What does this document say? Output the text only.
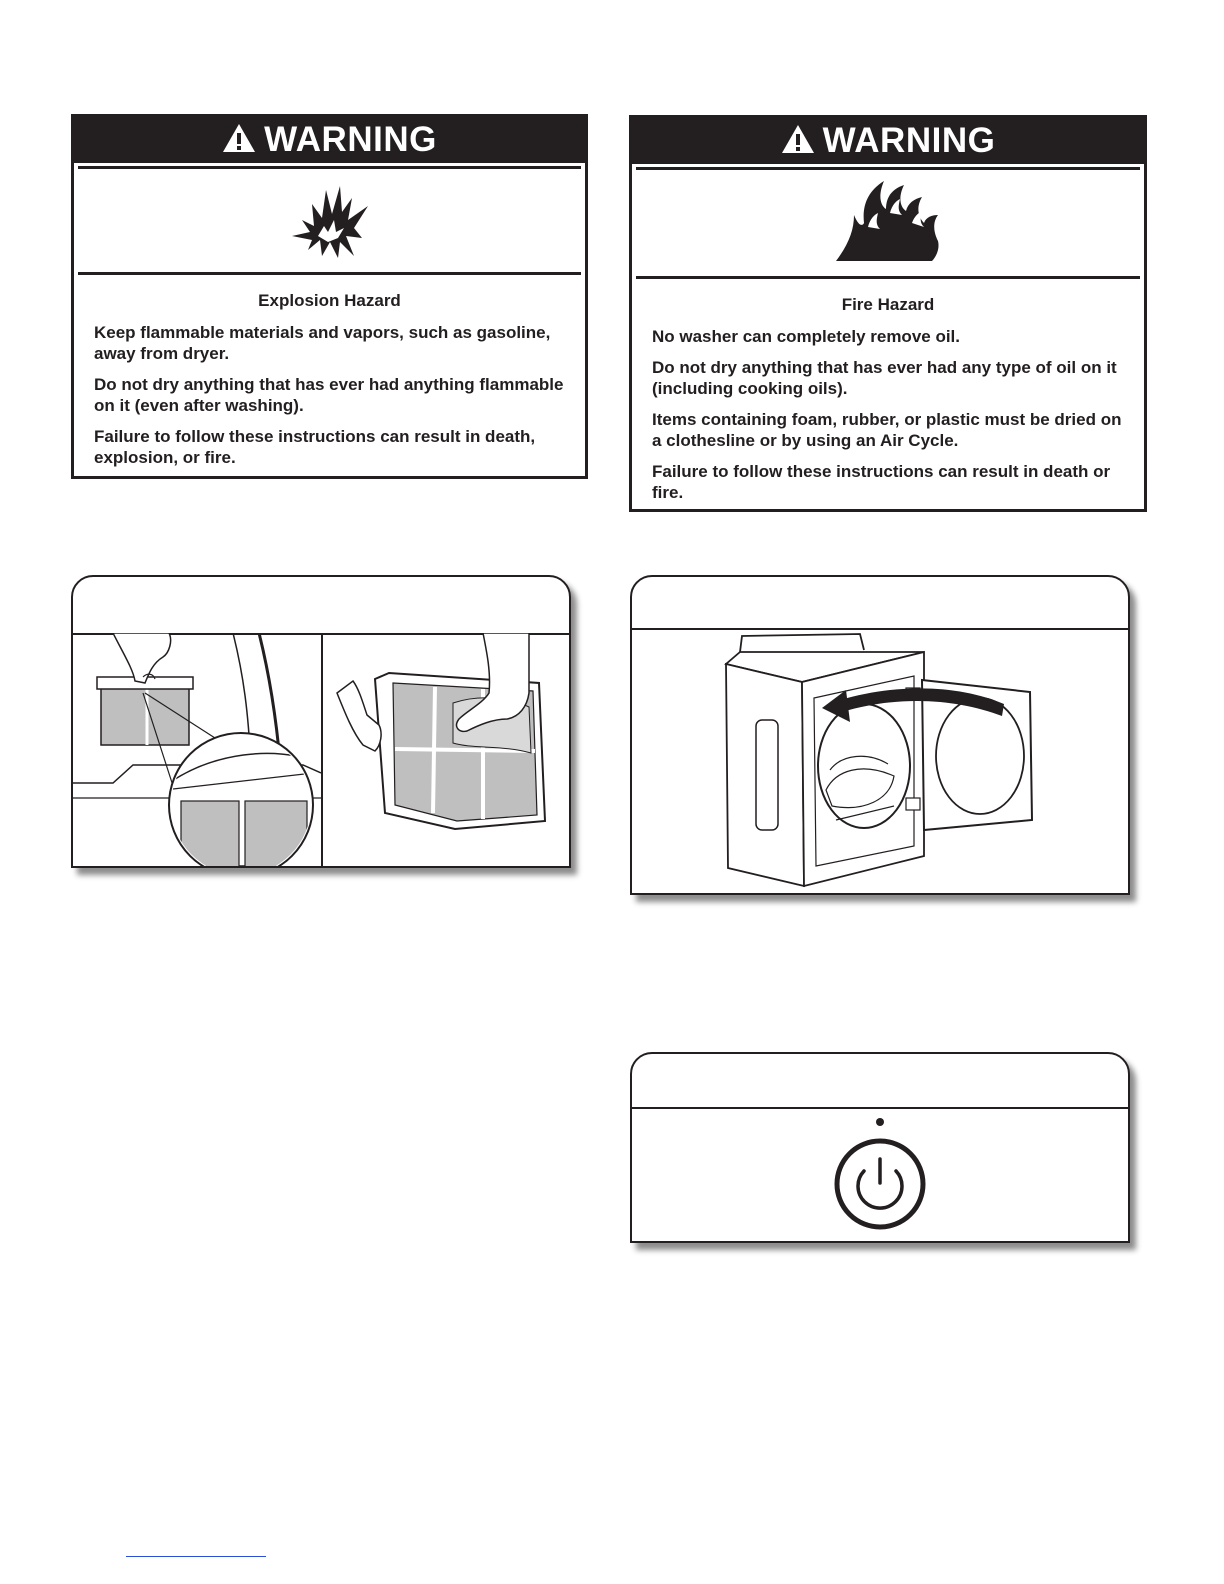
WARNING
Explosion Hazard

Keep flammable materials and vapors, such as gasoline, away from dryer.

Do not dry anything that has ever had anything flammable on it (even after washing).

Failure to follow these instructions can result in death, explosion, or fire.

WARNING
Fire Hazard

No washer can completely remove oil.

Do not dry anything that has ever had any type of oil on it (including cooking oils).

Items containing foam, rubber, or plastic must be dried on a clothesline or by using an Air Cycle.

Failure to follow these instructions can result in death or fire.
